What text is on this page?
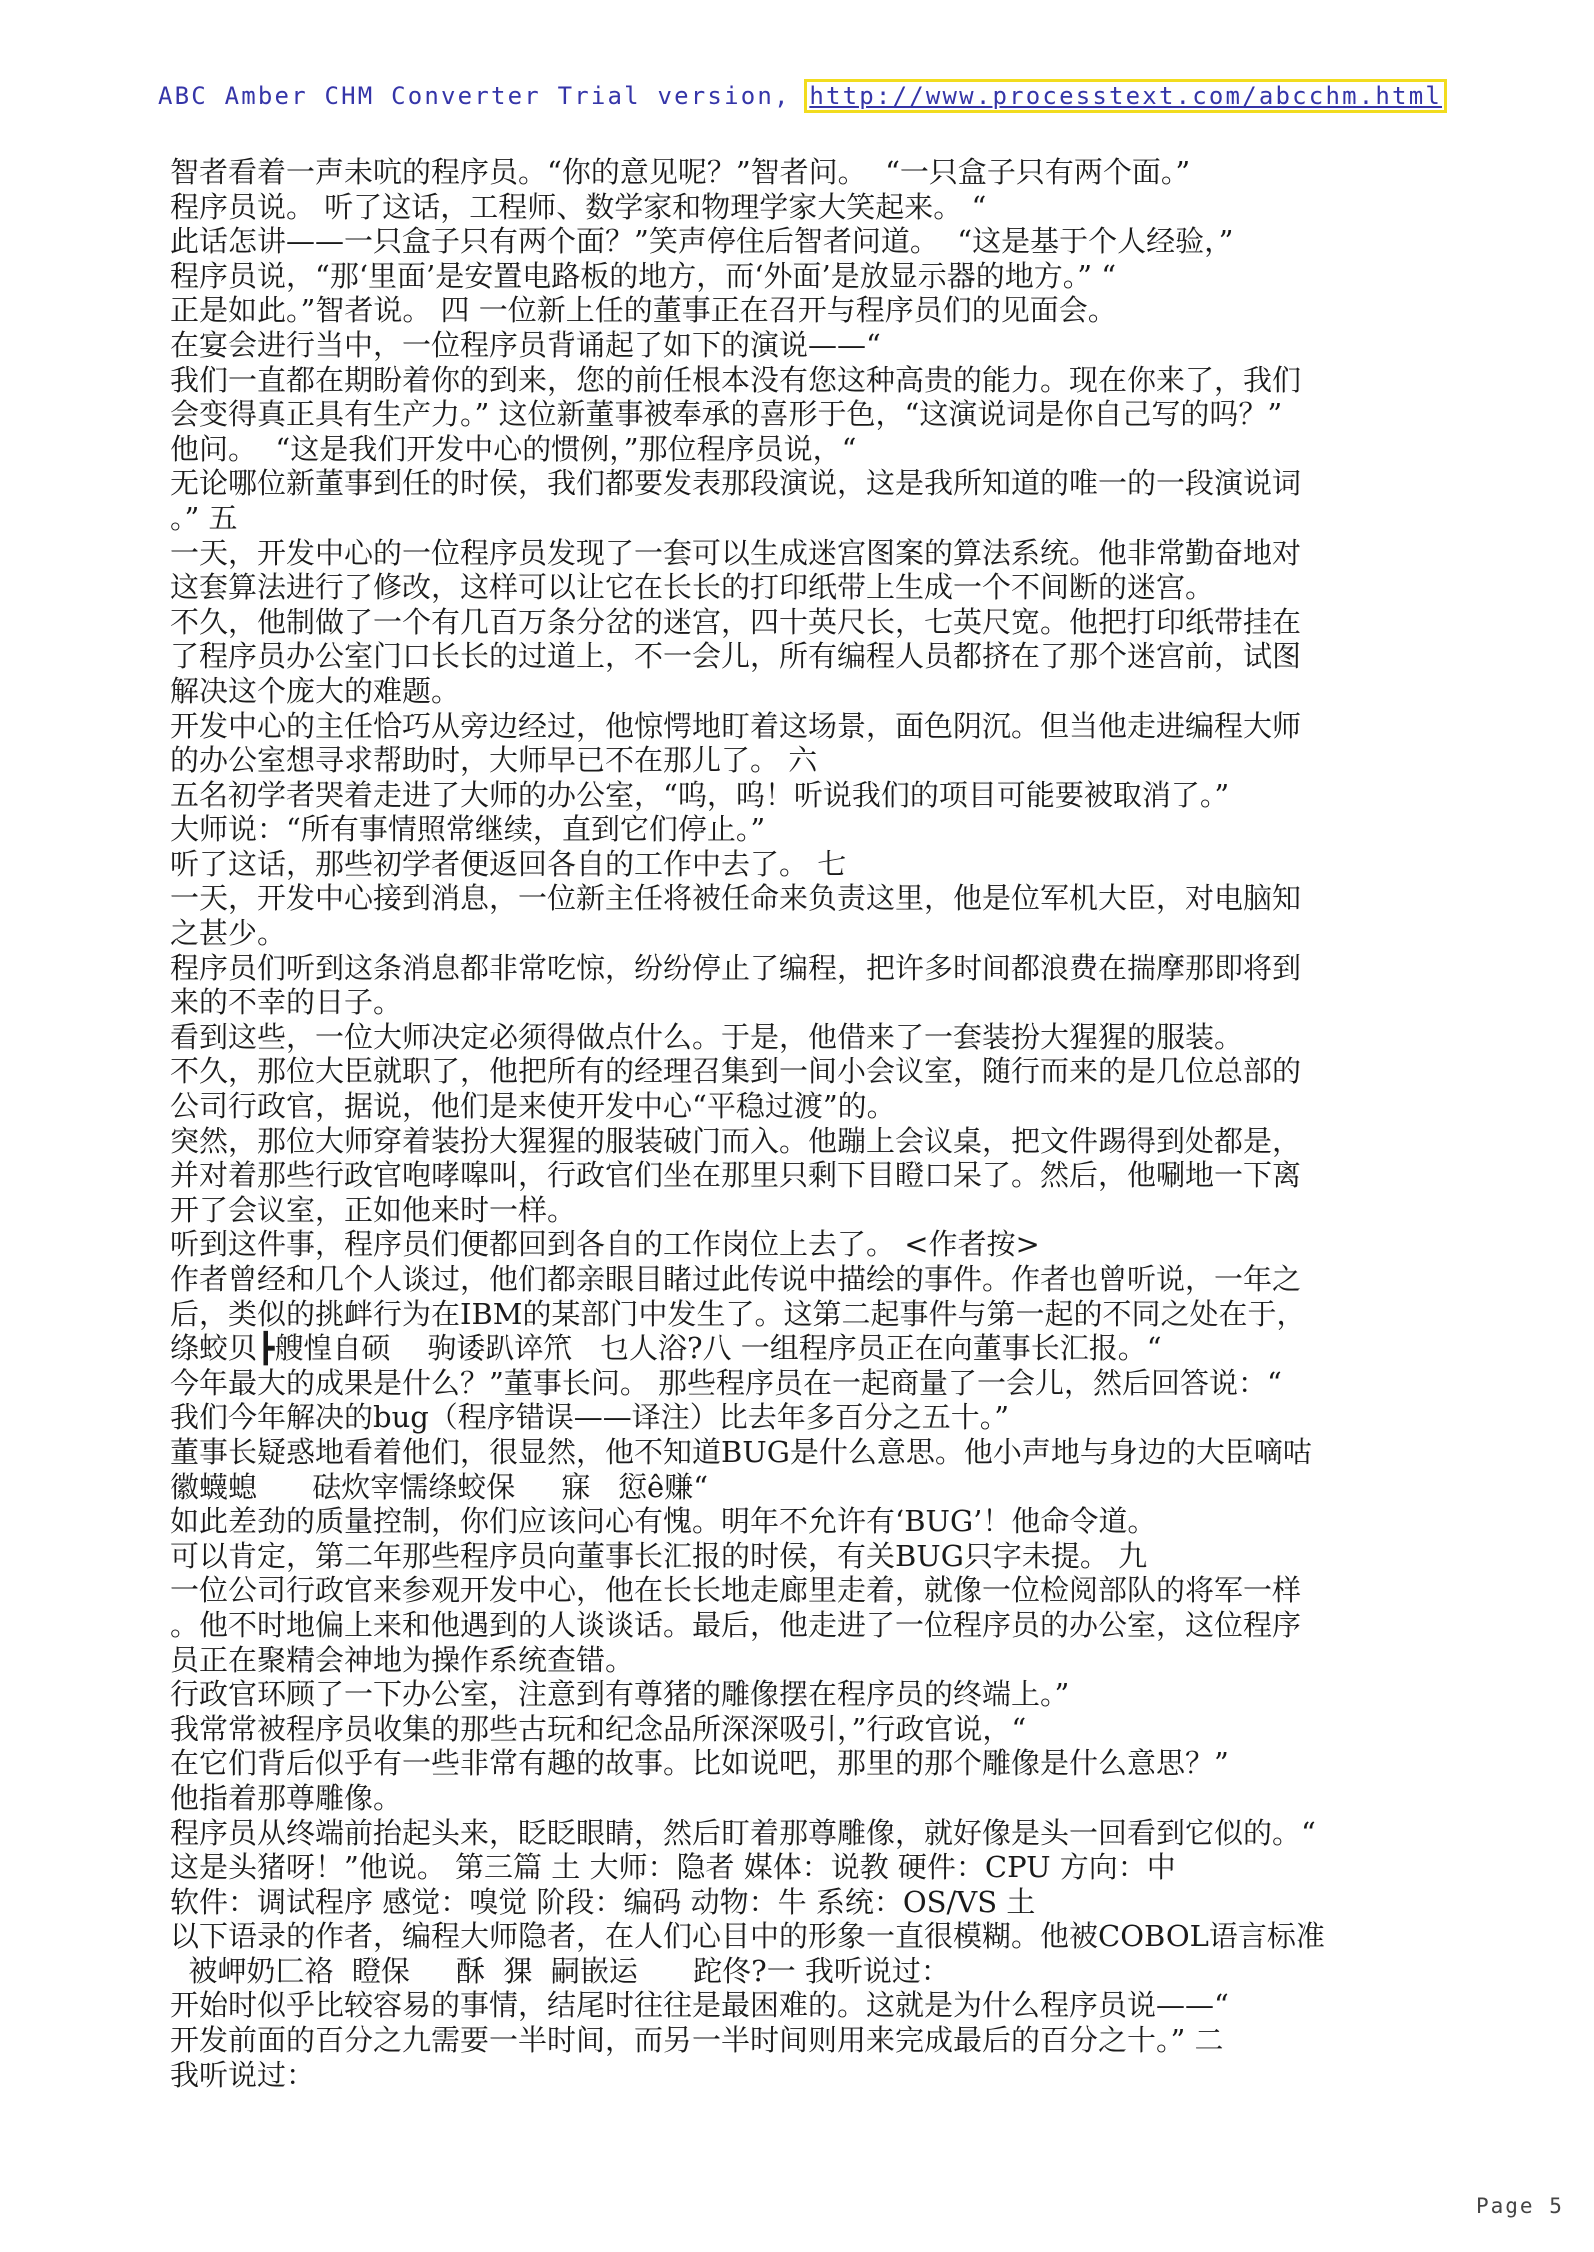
ABC Amber CHM Converter Trial version, http://www.processtext.com/abcchm.html
智者看着一声未吭的程序员。“你的意见呢？”智者问。  “一只盒子只有两个面。”
程序员说。 听了这话，工程师、数学家和物理学家大笑起来。 “
此话怎讲——一只盒子只有两个面？”笑声停住后智者问道。  “这是基于个人经验，”
程序员说，“那‘里面’是安置电路板的地方，而‘外面’是放显示器的地方。” “
正是如此。”智者说。 四 一位新上任的董事正在召开与程序员们的见面会。
在宴会进行当中，一位程序员背诵起了如下的演说——“
我们一直都在期盼着你的到来，您的前任根本没有您这种高贵的能力。现在你来了，我们
会变得真正具有生产力。” 这位新董事被奉承的喜形于色，“这演说词是你自己写的吗？”
他问。  “这是我们开发中心的惯例，”那位程序员说，“
无论哪位新董事到任的时侯，我们都要发表那段演说，这是我所知道的唯一的一段演说词
。” 五
一天，开发中心的一位程序员发现了一套可以生成迷宫图案的算法系统。他非常勤奋地对
这套算法进行了修改，这样可以让它在长长的打印纸带上生成一个不间断的迷宫。
不久，他制做了一个有几百万条分岔的迷宫，四十英尺长，七英尺宽。他把打印纸带挂在
了程序员办公室门口长长的过道上，不一会儿，所有编程人员都挤在了那个迷宫前，试图
解决这个庞大的难题。
开发中心的主任恰巧从旁边经过，他惊愕地盯着这场景，面色阴沉。但当他走进编程大师
的办公室想寻求帮助时，大师早已不在那儿了。 六
五名初学者哭着走进了大师的办公室，“呜，呜！听说我们的项目可能要被取消了。”
大师说：“所有事情照常继续，直到它们停止。”
听了这话，那些初学者便返回各自的工作中去了。 七
一天，开发中心接到消息，一位新主任将被任命来负责这里，他是位军机大臣，对电脑知
之甚少。
程序员们听到这条消息都非常吃惊，纷纷停止了编程，把许多时间都浪费在揣摩那即将到
来的不幸的日子。
看到这些，一位大师决定必须得做点什么。于是，他借来了一套装扮大猩猩的服装。
不久，那位大臣就职了，他把所有的经理召集到一间小会议室，随行而来的是几位总部的
公司行政官，据说，他们是来使开发中心“平稳过渡”的。
突然，那位大师穿着装扮大猩猩的服装破门而入。他蹦上会议桌，把文件踢得到处都是，
并对着那些行政官咆哮嗥叫，行政官们坐在那里只剩下目瞪口呆了。然后，他唰地一下离
开了会议室，正如他来时一样。
听到这件事，程序员们便都回到各自的工作岗位上去了。 <作者按>
作者曾经和几个人谈过，他们都亲眼目睹过此传说中描绘的事件。作者也曾听说，一年之
后，类似的挑衅行为在IBM的某部门中发生了。这第二起事件与第一起的不同之处在于，
绦蛟贝┣艘惶自硕    驹诿趴谇笊   乜人浴?八 一组程序员正在向董事长汇报。“
今年最大的成果是什么？”董事长问。 那些程序员在一起商量了一会儿，然后回答说：“
我们今年解决的bug（程序错误——译注）比去年多百分之五十。”
董事长疑惑地看着他们，很显然，他不知道BUG是什么意思。他小声地与身边的大臣嘀咕
徽蠛螅      砝炊宰懦绦蛟保     寐   愆ê赚“
如此差劲的质量控制，你们应该问心有愧。明年不允许有‘BUG’！他命令道。
可以肯定，第二年那些程序员向董事长汇报的时侯，有关BUG只字未提。 九
一位公司行政官来参观开发中心，他在长长地走廊里走着，就像一位检阅部队的将军一样
。他不时地偏上来和他遇到的人谈谈话。最后，他走进了一位程序员的办公室，这位程序
员正在聚精会神地为操作系统查错。
行政官环顾了一下办公室，注意到有尊猪的雕像摆在程序员的终端上。”
我常常被程序员收集的那些古玩和纪念品所深深吸引，”行政官说，“
在它们背后似乎有一些非常有趣的故事。比如说吧，那里的那个雕像是什么意思？”
他指着那尊雕像。
程序员从终端前抬起头来，眨眨眼睛，然后盯着那尊雕像，就好像是头一回看到它似的。“
这是头猪呀！”他说。 第三篇 土 大师：隐者 媒体：说教 硬件：CPU 方向：中
软件：调试程序 感觉：嗅觉 阶段：编码 动物：牛 系统：OS/VS 土
以下语录的作者，编程大师隐者，在人们心目中的形象一直很模糊。他被COBOL语言标准
被岬奶匚袼  瞪保     酥  猓  嗣嵌运      跎佟?一 我听说过：
开始时似乎比较容易的事情，结尾时往往是最困难的。这就是为什么程序员说——“
开发前面的百分之九需要一半时间，而另一半时间则用来完成最后的百分之十。” 二
我听说过：
Page 5
